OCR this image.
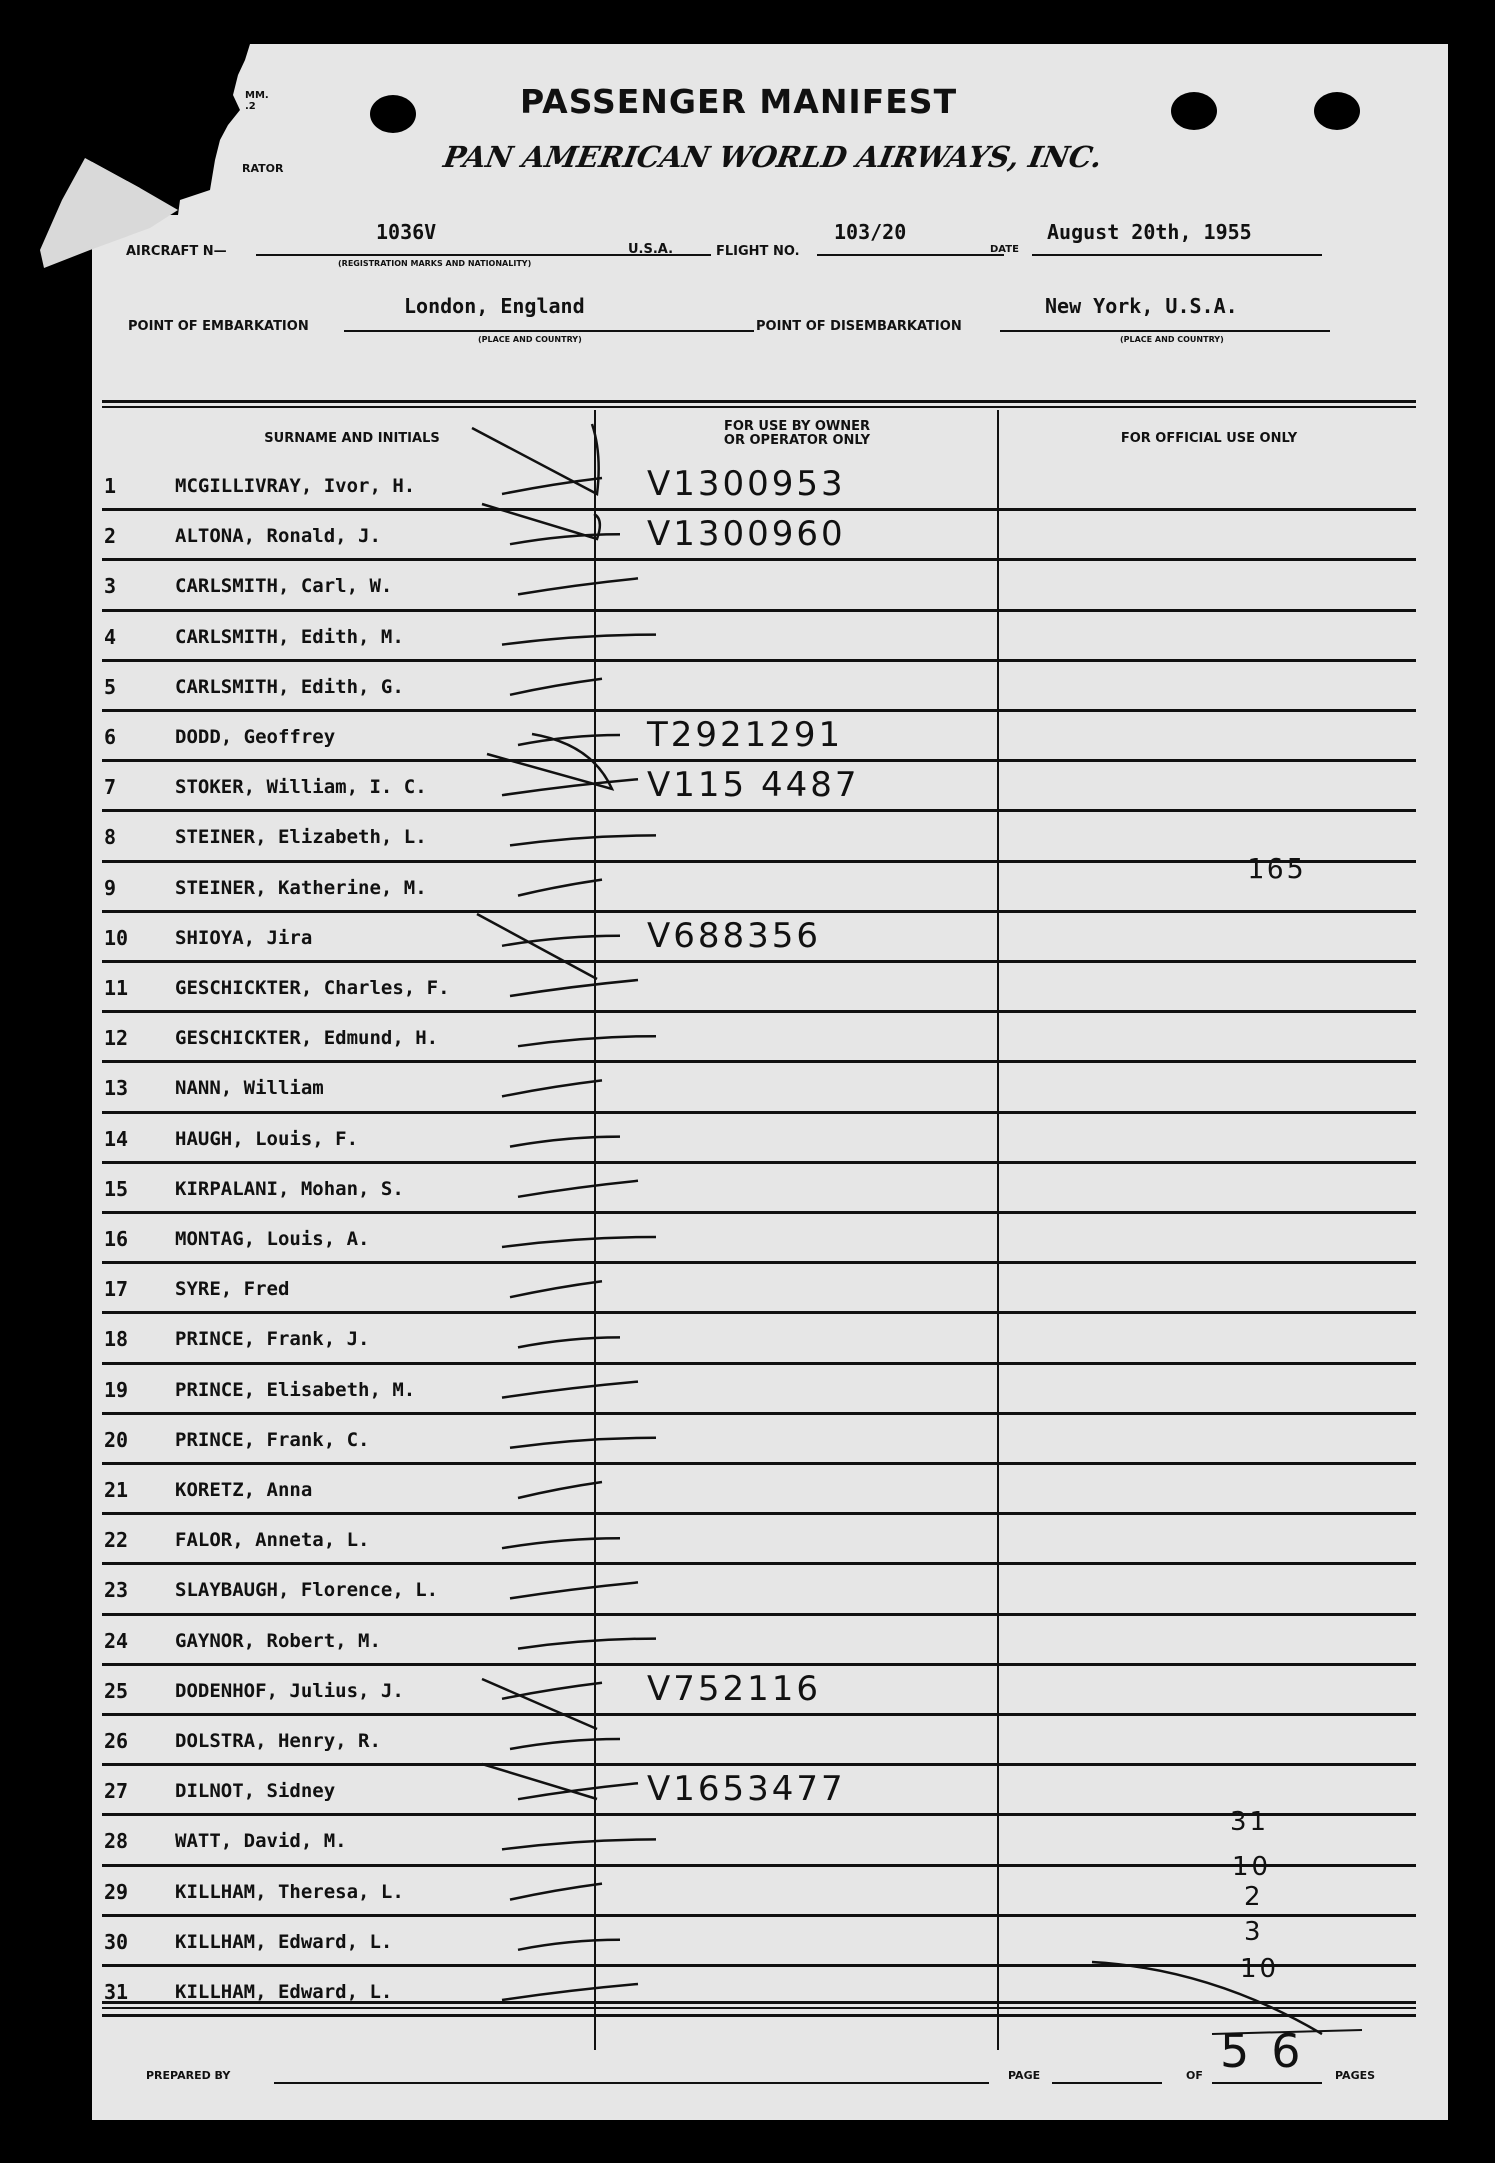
MM.
.2
RATOR
PASSENGER MANIFEST
PAN AMERICAN WORLD AIRWAYS, INC.
AIRCRAFT N—
1036V
(REGISTRATION MARKS AND NATIONALITY)
U.S.A.	FLIGHT NO.
103/20
DATE
August 20th, 1955
POINT OF EMBARKATION
London, England
(PLACE AND COUNTRY)
POINT OF DISEMBARKATION
New York, U.S.A.
(PLACE AND COUNTRY)
SURNAME AND INITIALS
FOR USE BY OWNER
OR OPERATOR ONLY	FOR OFFICIAL USE ONLY
1	MCGILLIVRAY, Ivor, H.	V1300953
2	ALTONA, Ronald, J.	V1300960
3	CARLSMITH, Carl, W.
4	CARLSMITH, Edith, M.
5	CARLSMITH, Edith, G.
6	DODD, Geoffrey	T2921291
7	STOKER, William, I. C.	V115 4487
8	STEINER, Elizabeth, L.
9	STEINER, Katherine, M.
10	SHIOYA, Jira	V688356
11	GESCHICKTER, Charles, F.
12	GESCHICKTER, Edmund, H.
13	NANN, William
14	HAUGH, Louis, F.
15	KIRPALANI, Mohan, S.
16	MONTAG, Louis, A.
17	SYRE, Fred
18	PRINCE, Frank, J.
19	PRINCE, Elisabeth, M.
20	PRINCE, Frank, C.
21	KORETZ, Anna
22	FALOR, Anneta, L.
23	SLAYBAUGH, Florence, L.
24	GAYNOR, Robert, M.
25	DODENHOF, Julius, J.	V752116
26	DOLSTRA, Henry, R.
27	DILNOT, Sidney	V1653477
28	WATT, David, M.
29	KILLHAM, Theresa, L.
30	KILLHAM, Edward, L.
31	KILLHAM, Edward, L.
165
31
10
2
3
10
56
PREPARED BY	PAGE	OF	PAGES
